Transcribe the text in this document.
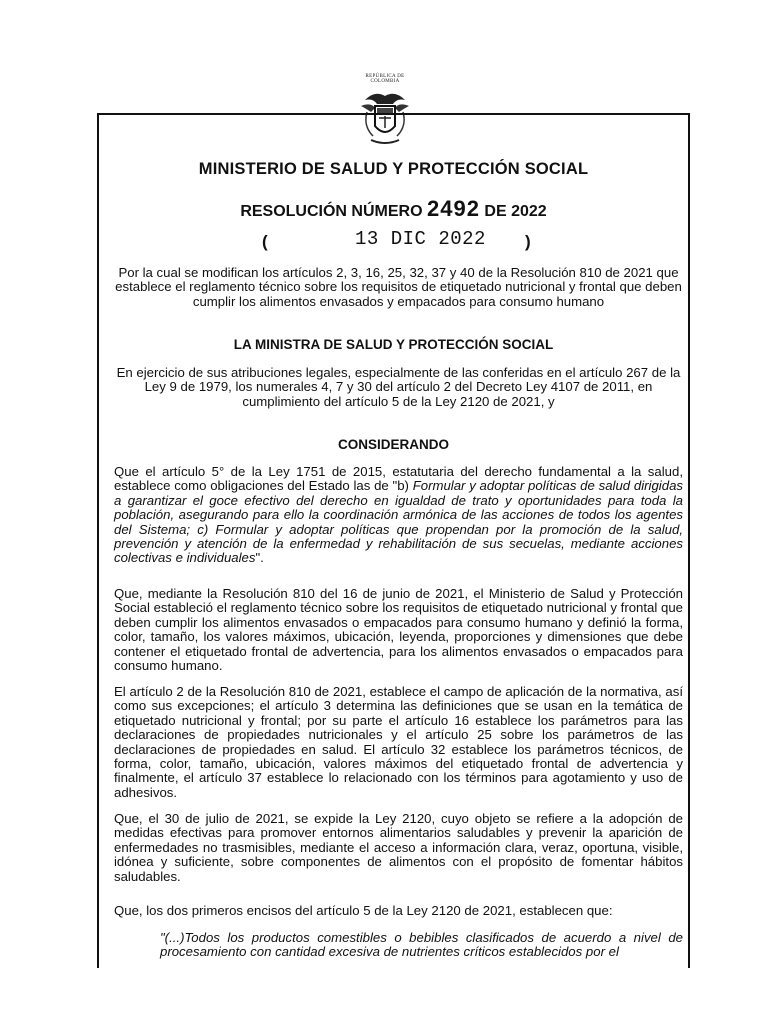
REPÚBLICA DE COLOMBIA
MINISTERIO DE SALUD Y PROTECCIÓN SOCIAL
RESOLUCIÓN NÚMERO 2492 DE 2022
(	13 DIC 2022 )
Por la cual se modifican los artículos 2, 3, 16, 25, 32, 37 y 40 de la Resolución 810 de 2021 que establece el reglamento técnico sobre los requisitos de etiquetado nutricional y frontal que deben cumplir los alimentos envasados y empacados para consumo humano
LA MINISTRA DE SALUD Y PROTECCIÓN SOCIAL
En ejercicio de sus atribuciones legales, especialmente de las conferidas en el artículo 267 de la Ley 9 de 1979, los numerales 4, 7 y 30 del artículo 2 del Decreto Ley 4107 de 2011, en cumplimiento del artículo 5 de la Ley 2120 de 2021, y
CONSIDERANDO
Que el artículo 5° de la Ley 1751 de 2015, estatutaria del derecho fundamental a la salud, establece como obligaciones del Estado las de "b) Formular y adoptar políticas de salud dirigidas a garantizar el goce efectivo del derecho en igualdad de trato y oportunidades para toda la población, asegurando para ello la coordinación armónica de las acciones de todos los agentes del Sistema; c) Formular y adoptar políticas que propendan por la promoción de la salud, prevención y atención de la enfermedad y rehabilitación de sus secuelas, mediante acciones colectivas e individuales".
Que, mediante la Resolución 810 del 16 de junio de 2021, el Ministerio de Salud y Protección Social estableció el reglamento técnico sobre los requisitos de etiquetado nutricional y frontal que deben cumplir los alimentos envasados o empacados para consumo humano y definió la forma, color, tamaño, los valores máximos, ubicación, leyenda, proporciones y dimensiones que debe contener el etiquetado frontal de advertencia, para los alimentos envasados o empacados para consumo humano.
El artículo 2 de la Resolución 810 de 2021, establece el campo de aplicación de la normativa, así como sus excepciones; el artículo 3 determina las definiciones que se usan en la temática de etiquetado nutricional y frontal; por su parte el artículo 16 establece los parámetros para las declaraciones de propiedades nutricionales y el artículo 25 sobre los parámetros de las declaraciones de propiedades en salud. El artículo 32 establece los parámetros técnicos, de forma, color, tamaño, ubicación, valores máximos del etiquetado frontal de advertencia y finalmente, el artículo 37 establece lo relacionado con los términos para agotamiento y uso de adhesivos.
Que, el 30 de julio de 2021, se expide la Ley 2120, cuyo objeto se refiere a la adopción de medidas efectivas para promover entornos alimentarios saludables y prevenir la aparición de enfermedades no trasmisibles, mediante el acceso a información clara, veraz, oportuna, visible, idónea y suficiente, sobre componentes de alimentos con el propósito de fomentar hábitos saludables.
Que, los dos primeros encisos del artículo 5 de la Ley 2120 de 2021, establecen que:
"(...)Todos los productos comestibles o bebibles clasificados de acuerdo a nivel de procesamiento con cantidad excesiva de nutrientes críticos establecidos por el
